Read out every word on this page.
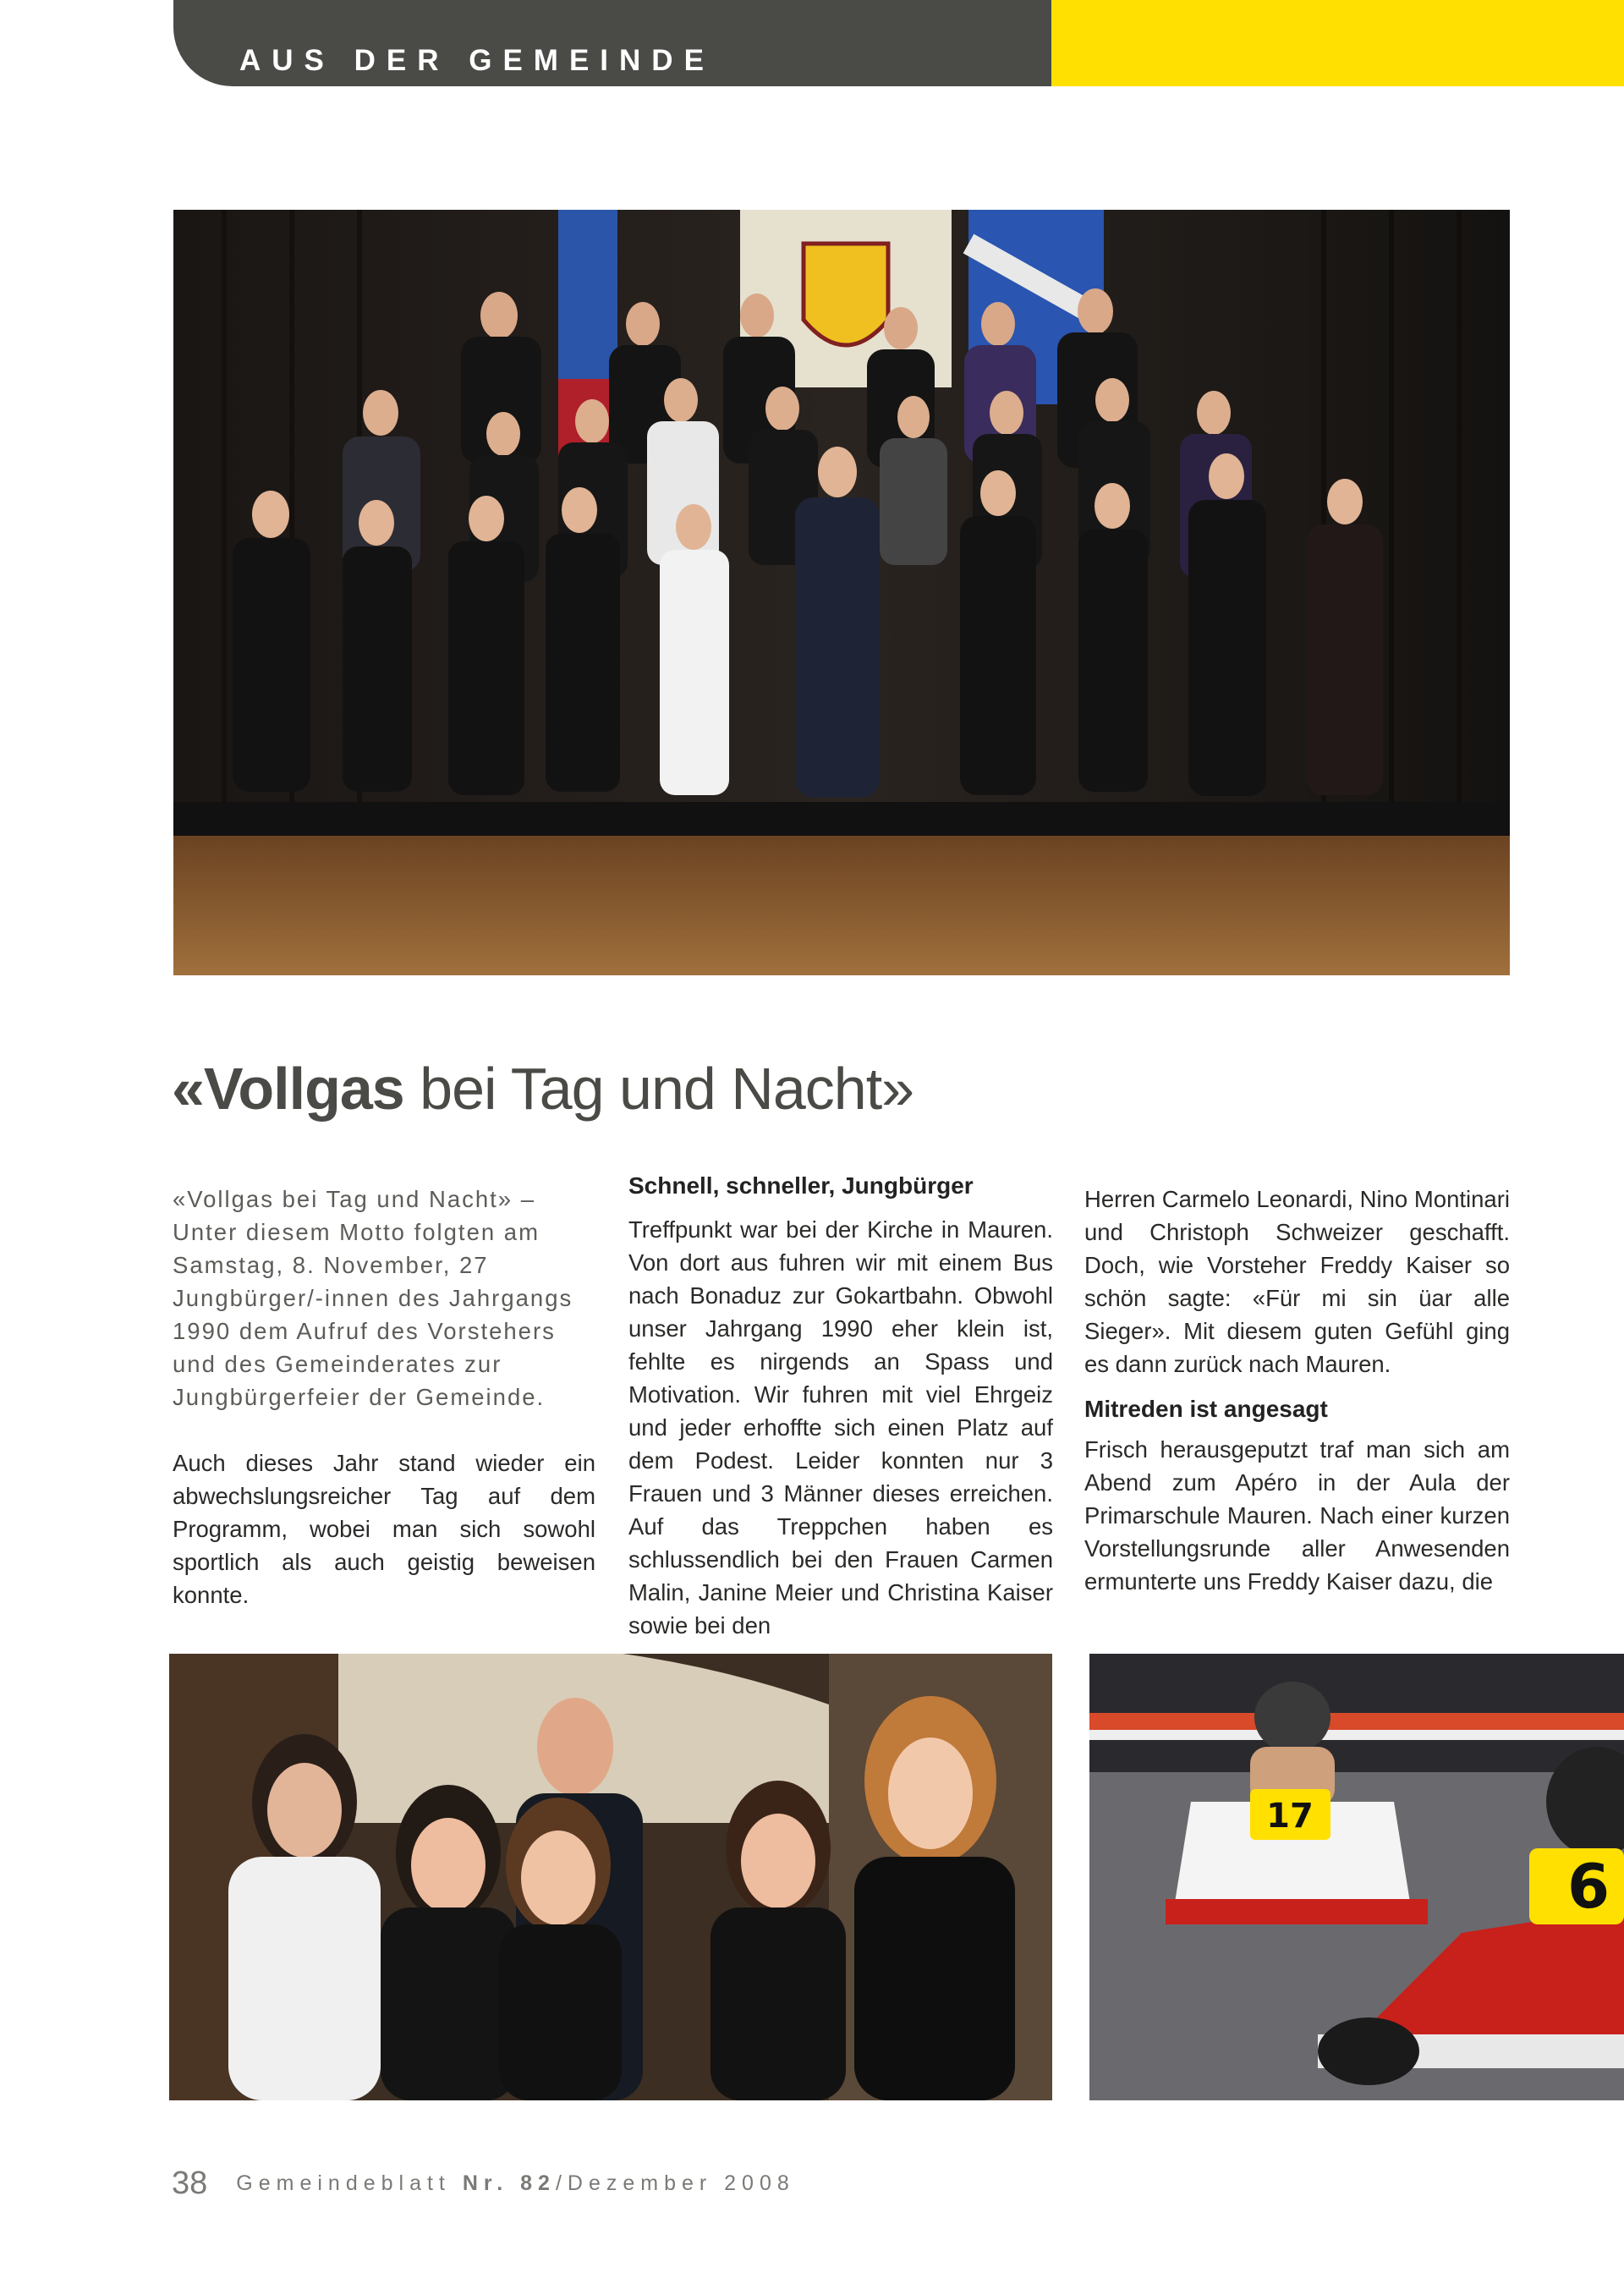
AUS DER GEMEINDE
«Vollgas bei Tag und Nacht»

«Vollgas bei Tag und Nacht» – Unter diesem Motto folgten am Samstag, 8. November, 27 Jungbürger/-innen des Jahrgangs 1990 dem Aufruf des Vorstehers und des Gemeinderates zur Jungbürgerfeier der Gemeinde.

Auch dieses Jahr stand wieder ein abwechslungsreicher Tag auf dem Programm, wobei man sich sowohl sportlich als auch geistig beweisen konnte.

Schnell, schneller, Jungbürger

Treffpunkt war bei der Kirche in Mauren. Von dort aus fuhren wir mit einem Bus nach Bonaduz zur Gokartbahn. Obwohl unser Jahrgang 1990 eher klein ist, fehlte es nirgends an Spass und Motivation. Wir fuhren mit viel Ehrgeiz und jeder erhoffte sich einen Platz auf dem Podest. Leider konnten nur 3 Frauen und 3 Männer dieses erreichen. Auf das Treppchen haben es schlussendlich bei den Frauen Carmen Malin, Janine Meier und Christina Kaiser sowie bei den

Herren Carmelo Leonardi, Nino Montinari und Christoph Schweizer geschafft. Doch, wie Vorsteher Freddy Kaiser so schön sagte: «Für mi sin üar alle Sieger». Mit diesem guten Gefühl ging es dann zurück nach Mauren.

Mitreden ist angesagt

Frisch herausgeputzt traf man sich am Abend zum Apéro in der Aula der Primarschule Mauren. Nach einer kurzen Vorstellungsrunde aller Anwesenden ermunterte uns Freddy Kaiser dazu, die

17
6
38 Gemeindeblatt Nr. 82/Dezember 2008
